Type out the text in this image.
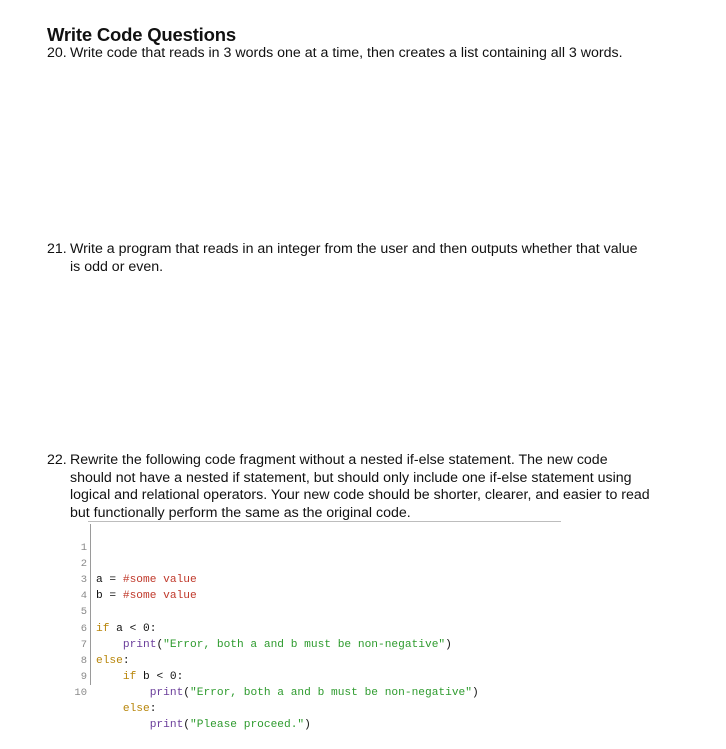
Write Code Questions
20. Write code that reads in 3 words one at a time, then creates a list containing all 3 words.
21. Write a program that reads in an integer from the user and then outputs whether that value
is odd or even.
22. Rewrite the following code fragment without a nested if-else statement. The new code
should not have a nested if statement, but should only include one if-else statement using
logical and relational operators. Your new code should be shorter, clearer, and easier to read
but functionally perform the same as the original code.

1

a = #some value

2

b = #some value

3

4

if a < 0:

5

print("Error, both a and b must be non-negative")

6

else:

7

if b < 0:

8

print("Error, both a and b must be non-negative")

9

else:

10

print("Please proceed.")
